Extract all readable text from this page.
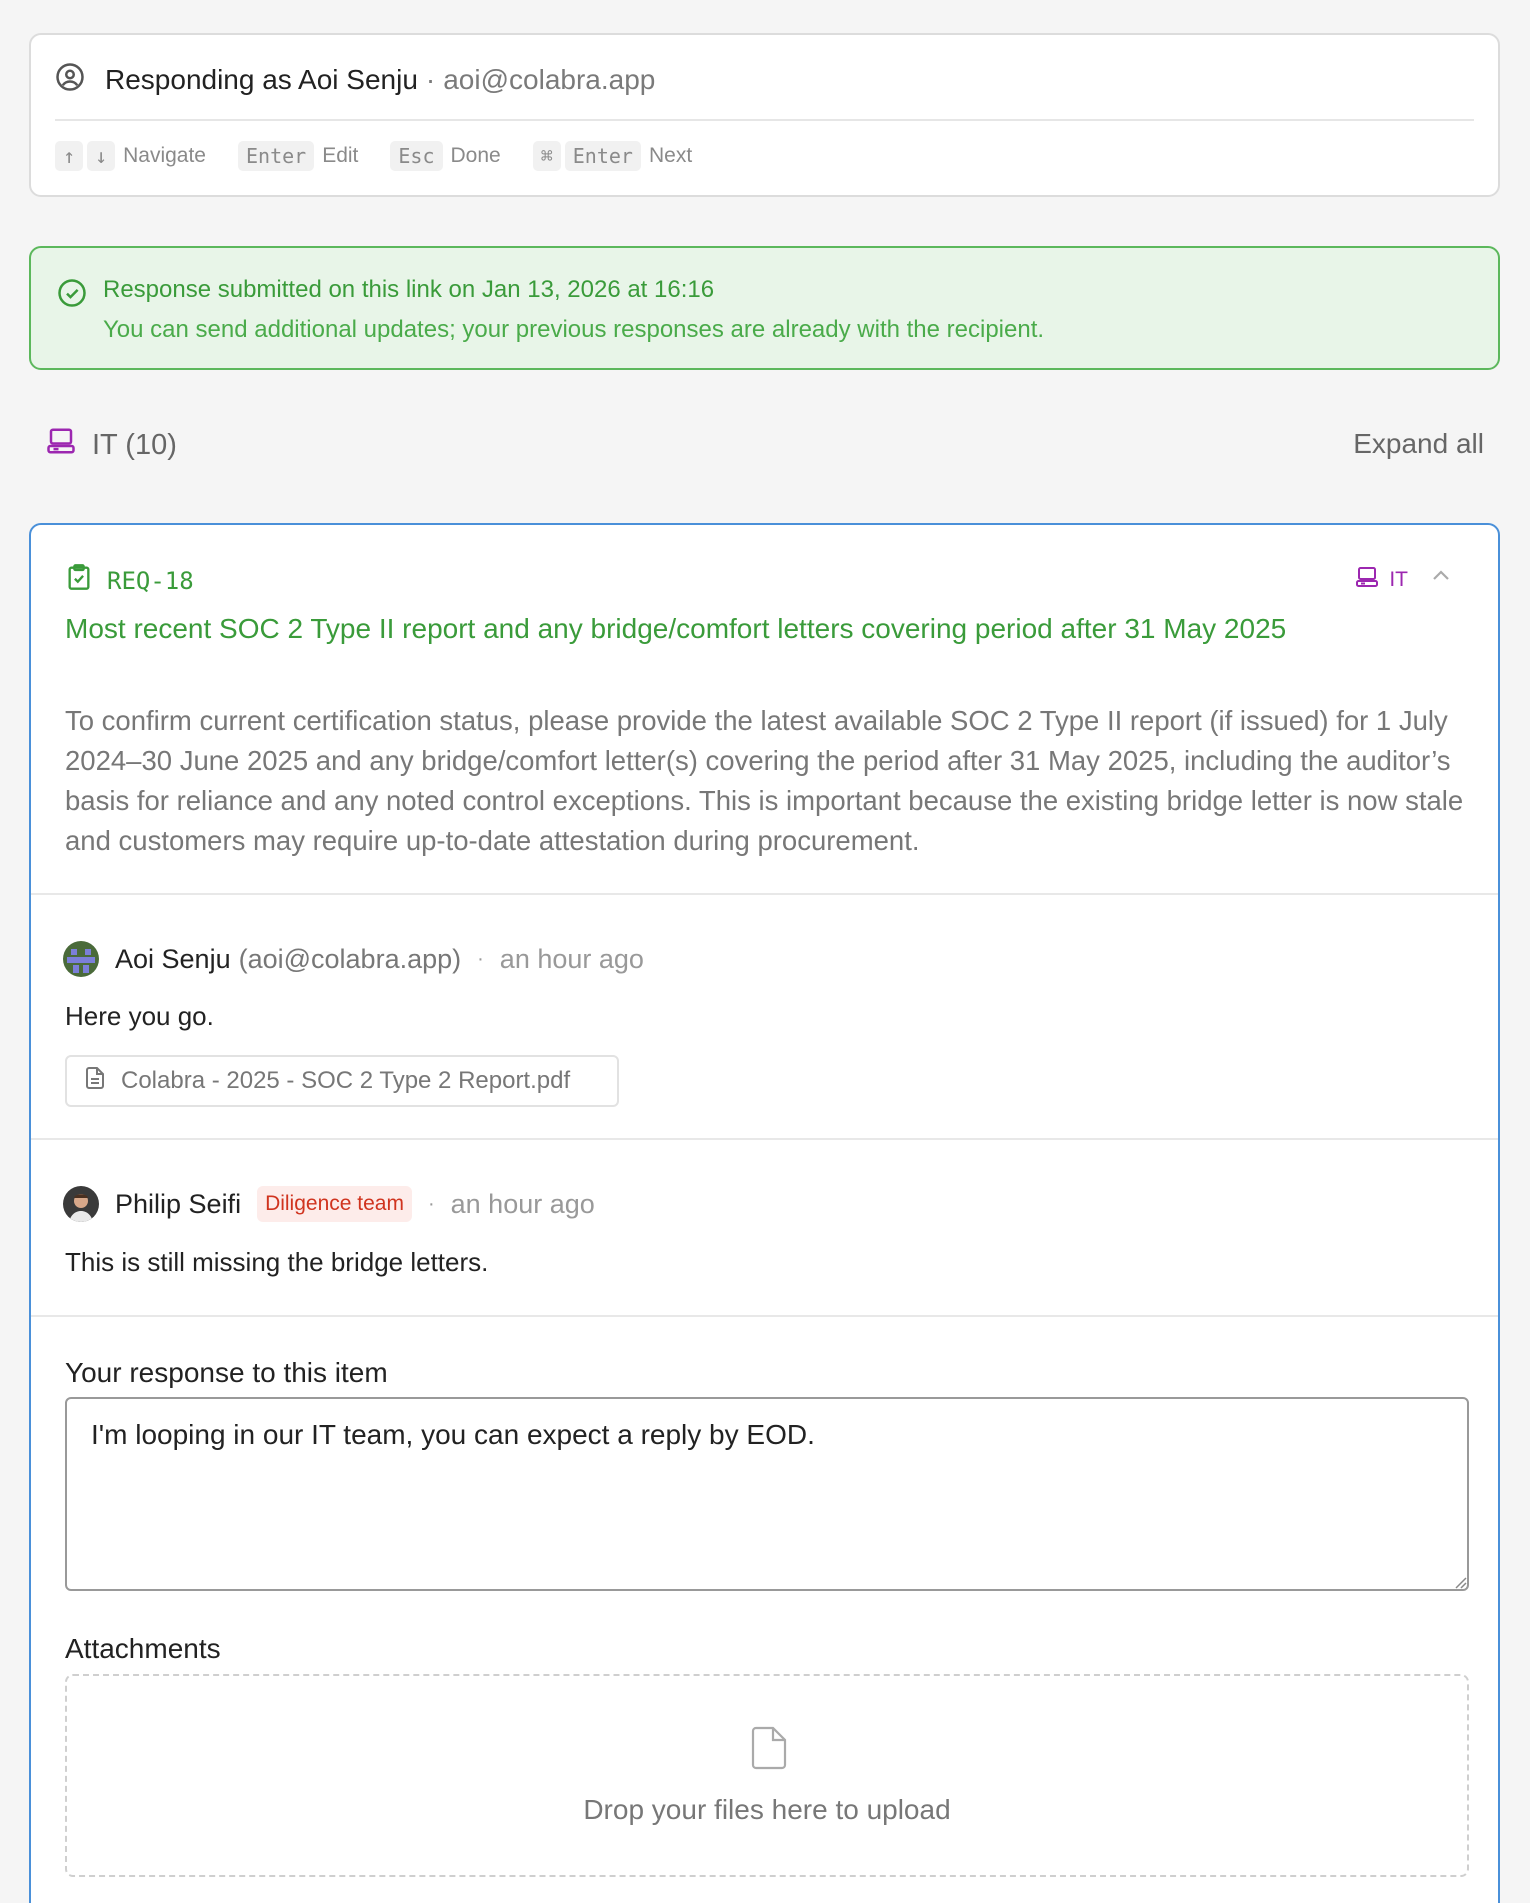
Responding as Aoi Senju · aoi@colabra.app
↑	↓ Navigate	Enter Edit	Esc Done	⌘	Enter Next
Response submitted on this link on Jan 13, 2026 at 16:16
You can send additional updates; your previous responses are already with the recipient.
IT (10)	Expand all
REQ-18	IT
Most recent SOC 2 Type II report and any bridge/comfort letters covering period after 31 May 2025
To confirm current certification status, please provide the latest available SOC 2 Type II report (if issued) for 1 July 2024–30 June 2025 and any bridge/comfort letter(s) covering the period after 31 May 2025, including the auditor’s basis for reliance and any noted control exceptions. This is important because the existing bridge letter is now stale and customers may require up-to-date attestation during procurement.
Aoi Senju (aoi@colabra.app) · an hour ago
Here you go.
Colabra - 2025 - SOC 2 Type 2 Report.pdf
Philip Seifi	Diligence team	· an hour ago
This is still missing the bridge letters.
Your response to this item
I'm looping in our IT team, you can expect a reply by EOD.
Attachments
Drop your files here to upload
